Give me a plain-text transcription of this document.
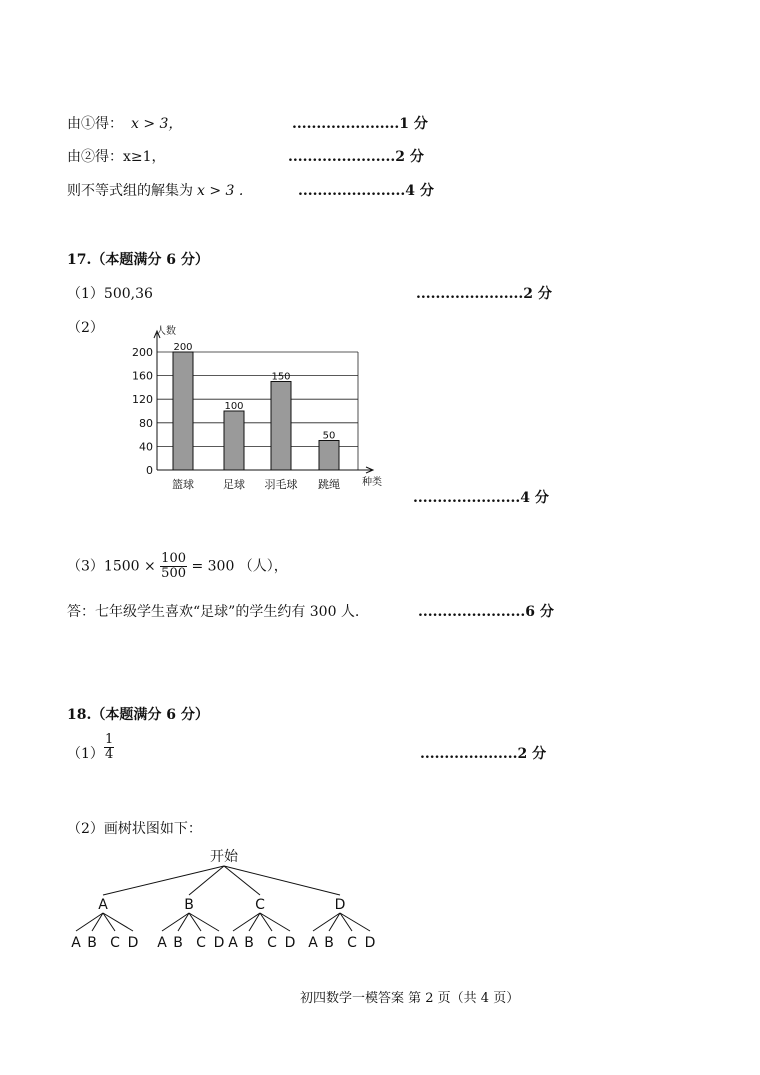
由①得： x > 3，	......................1 分
由②得：x≥1，	......................2 分
则不等式组的解集为 x > 3 .	......................4 分
17.（本题满分 6 分）
（1）500,36	......................2 分
（2）
0
40
80
120
160
200
人数
种类
200
篮球
100
足球
150
羽毛球
50
跳绳
......................4 分
$(3)1500 \times \frac{100}{500} = 300$ （人），
答：七年级学生喜欢“足球”的学生约有 300 人.	......................6 分
18.（本题满分 6 分）
$(1) \frac{1}{4}$	....................2 分
（2）画树状图如下：
开始
A
A B C D
B
A B C D
C
A B C D
D
A B C D
初四数学一模答案 第 2 页（共 4 页）
